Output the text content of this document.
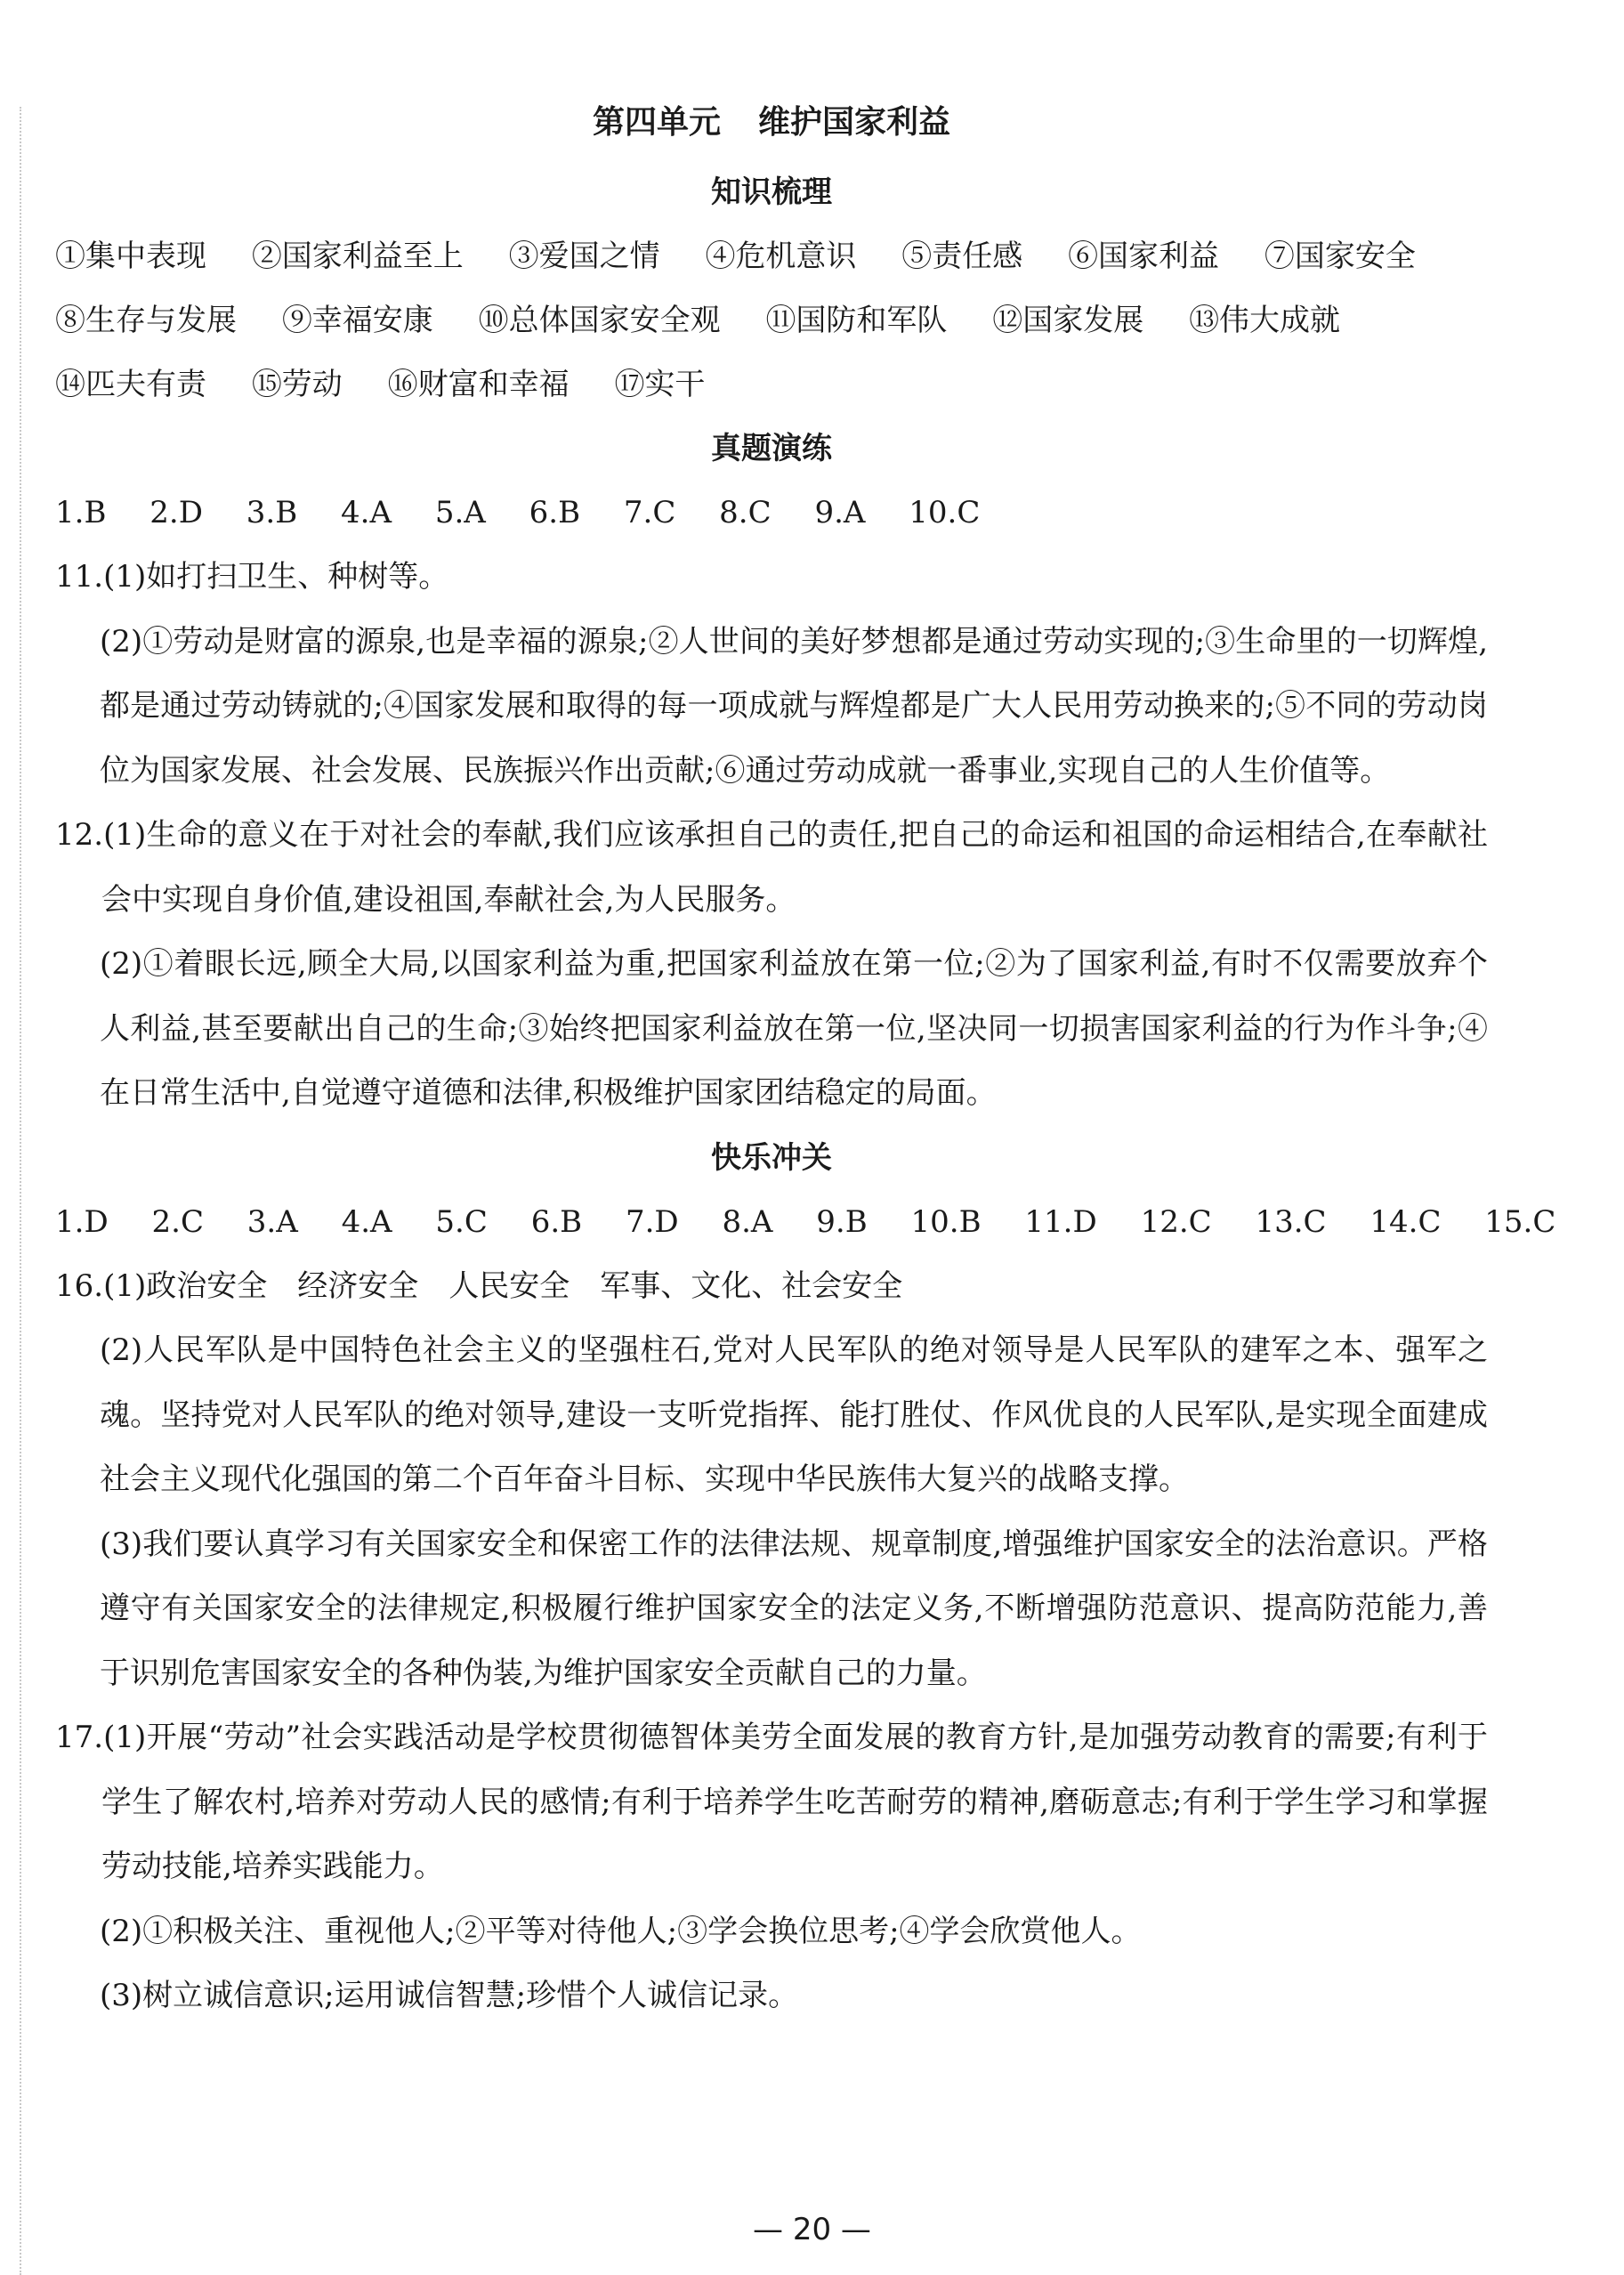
第四单元 维护国家利益
知识梳理
①集中表现 ②国家利益至上 ③爱国之情 ④危机意识 ⑤责任感 ⑥国家利益 ⑦国家安全
⑧生存与发展 ⑨幸福安康 ⑩总体国家安全观 ⑪国防和军队 ⑫国家发展 ⑬伟大成就
⑭匹夫有责 ⑮劳动 ⑯财富和幸福 ⑰实干
真题演练
1.B 2.D 3.B 4.A 5.A 6.B 7.C 8.C 9.A 10.C

11.(1)如打扫卫生、种树等。

(2)①劳动是财富的源泉,也是幸福的源泉;②人世间的美好梦想都是通过劳动实现的;③生命里的一切辉煌,都是通过劳动铸就的;④国家发展和取得的每一项成就与辉煌都是广大人民用劳动换来的;⑤不同的劳动岗位为国家发展、社会发展、民族振兴作出贡献;⑥通过劳动成就一番事业,实现自己的人生价值等。

12.(1)生命的意义在于对社会的奉献,我们应该承担自己的责任,把自己的命运和祖国的命运相结合,在奉献社会中实现自身价值,建设祖国,奉献社会,为人民服务。

(2)①着眼长远,顾全大局,以国家利益为重,把国家利益放在第一位;②为了国家利益,有时不仅需要放弃个人利益,甚至要献出自己的生命;③始终把国家利益放在第一位,坚决同一切损害国家利益的行为作斗争;④在日常生活中,自觉遵守道德和法律,积极维护国家团结稳定的局面。

快乐冲关
1.D 2.C 3.A 4.A 5.C 6.B 7.D 8.A 9.B 10.B 11.D 12.C 13.C 14.C 15.C

16.(1)政治安全　经济安全　人民安全　军事、文化、社会安全

(2)人民军队是中国特色社会主义的坚强柱石,党对人民军队的绝对领导是人民军队的建军之本、强军之魂。坚持党对人民军队的绝对领导,建设一支听党指挥、能打胜仗、作风优良的人民军队,是实现全面建成社会主义现代化强国的第二个百年奋斗目标、实现中华民族伟大复兴的战略支撑。

(3)我们要认真学习有关国家安全和保密工作的法律法规、规章制度,增强维护国家安全的法治意识。严格遵守有关国家安全的法律规定,积极履行维护国家安全的法定义务,不断增强防范意识、提高防范能力,善于识别危害国家安全的各种伪装,为维护国家安全贡献自己的力量。

17.(1)开展“劳动”社会实践活动是学校贯彻德智体美劳全面发展的教育方针,是加强劳动教育的需要;有利于学生了解农村,培养对劳动人民的感情;有利于培养学生吃苦耐劳的精神,磨砺意志;有利于学生学习和掌握劳动技能,培养实践能力。

(2)①积极关注、重视他人;②平等对待他人;③学会换位思考;④学会欣赏他人。

(3)树立诚信意识;运用诚信智慧;珍惜个人诚信记录。

— 20 —
